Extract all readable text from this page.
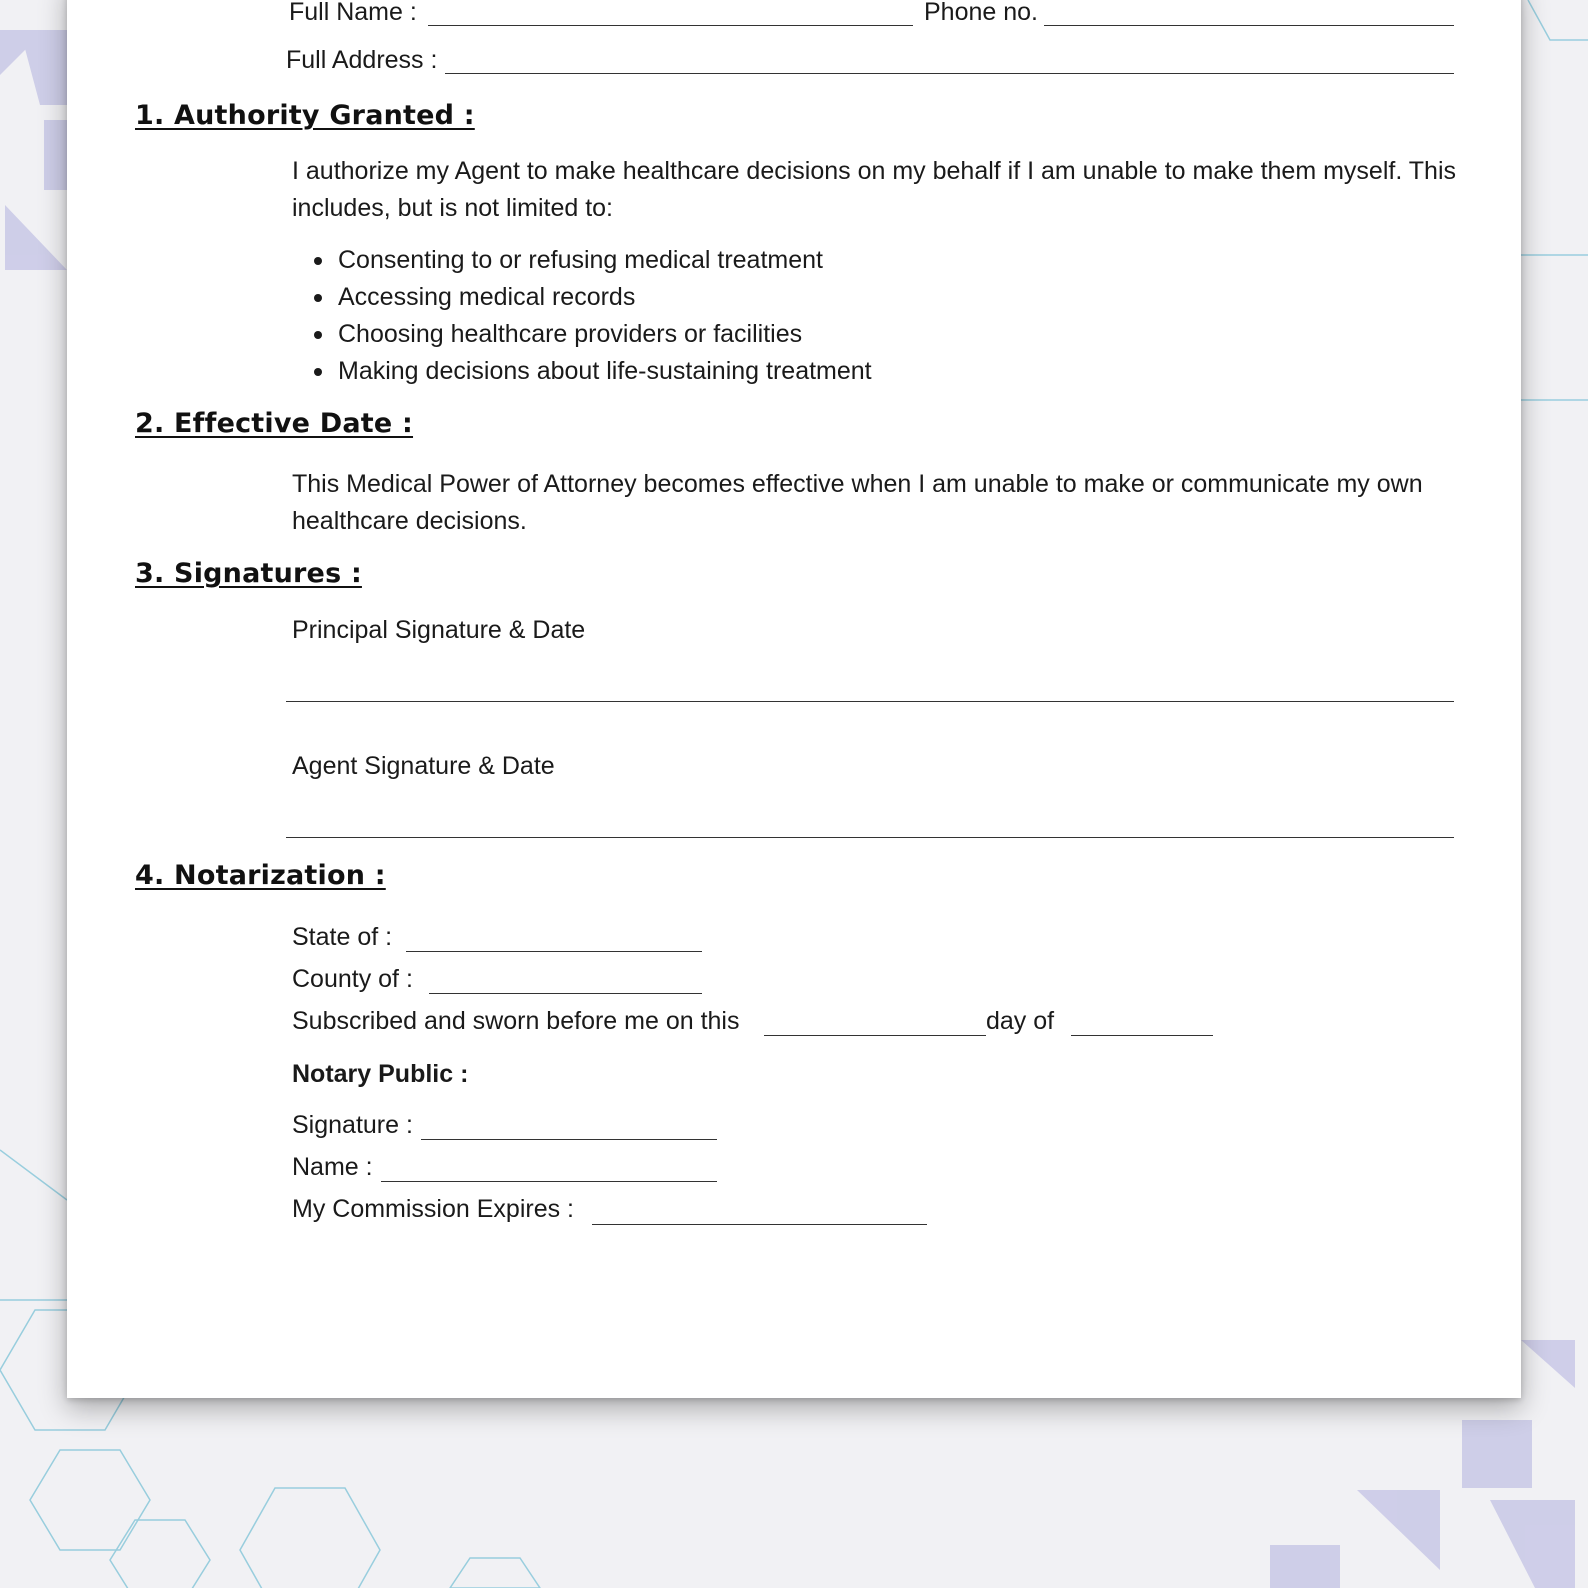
Full Name :	Phone no.
Full Address :
1. Authority Granted :

I authorize my Agent to make healthcare decisions on my behalf if I am unable to make them myself. This includes, but is not limited to:

Consenting to or refusing medical treatment
Accessing medical records
Choosing healthcare providers or facilities
Making decisions about life-sustaining treatment
2. Effective Date :

This Medical Power of Attorney becomes effective when I am unable to make or communicate my own healthcare decisions.

3. Signatures :
Principal Signature & Date
Agent Signature & Date
4. Notarization :
State of :
County of :
Subscribed and sworn before me on this	day of
Notary Public :
Signature :
Name :
My Commission Expires :
